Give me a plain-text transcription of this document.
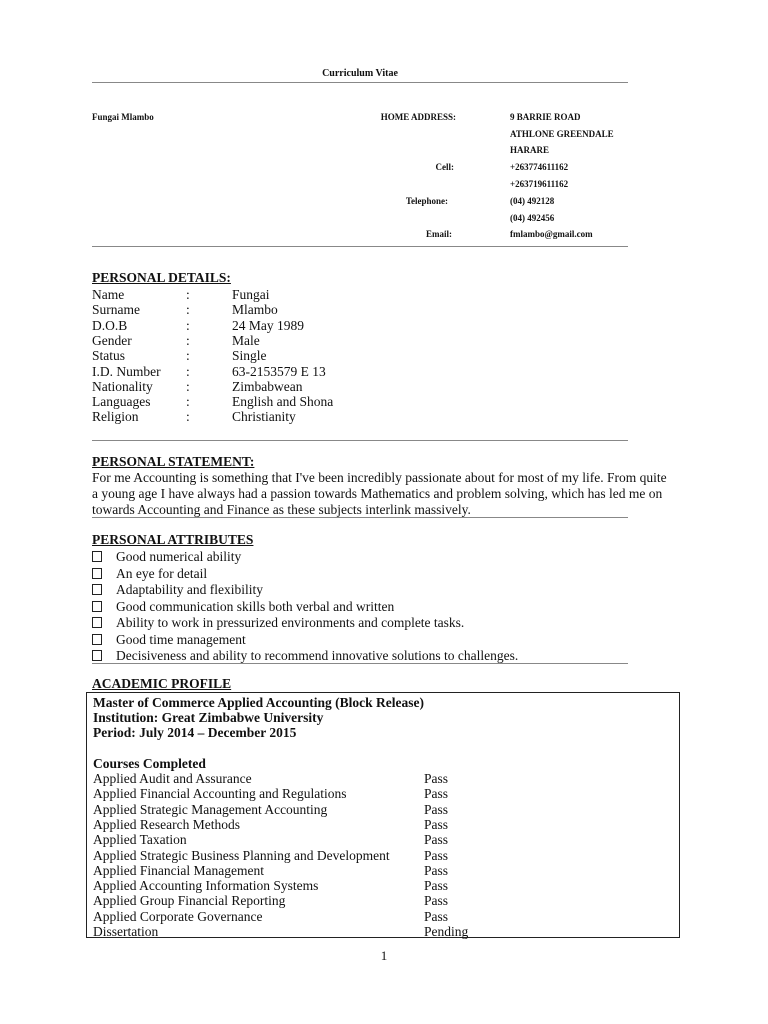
Curriculum Vitae
Fungai Mlambo	HOME ADDRESS:	9 BARRIE ROAD
ATHLONE GREENDALE
HARARE
Cell:	+263774611162
+263719611162
Telephone:	(04) 492128
(04) 492456
Email:	fmlambo@gmail.com
PERSONAL DETAILS:
Name	:	Fungai
Surname	:	Mlambo
D.O.B	:	24 May 1989
Gender	:	Male
Status	:	Single
I.D. Number :	63-2153579 E 13
Nationality :	Zimbabwean
Languages	:	English and Shona
Religion	:	Christianity
PERSONAL STATEMENT:
For me Accounting is something that I've been incredibly passionate about for most of my life. From quite a young age I have always had a passion towards Mathematics and problem solving, which has led me on towards Accounting and Finance as these subjects interlink massively.
PERSONAL ATTRIBUTES
Good numerical ability
An eye for detail
Adaptability and flexibility
Good communication skills both verbal and written
Ability to work in pressurized environments and complete tasks.
Good time management
Decisiveness and ability to recommend innovative solutions to challenges.
ACADEMIC PROFILE
Master of Commerce Applied Accounting (Block Release)
Institution: Great Zimbabwe University
Period: July 2014 – December 2015
Courses Completed
Applied Audit and Assurance	Pass
Applied Financial Accounting and Regulations	Pass
Applied Strategic Management Accounting	Pass
Applied Research Methods	Pass
Applied Taxation	Pass
Applied Strategic Business Planning and Development	Pass
Applied Financial Management	Pass
Applied Accounting Information Systems	Pass
Applied Group Financial Reporting	Pass
Applied Corporate Governance	Pass
Dissertation	Pending
1
